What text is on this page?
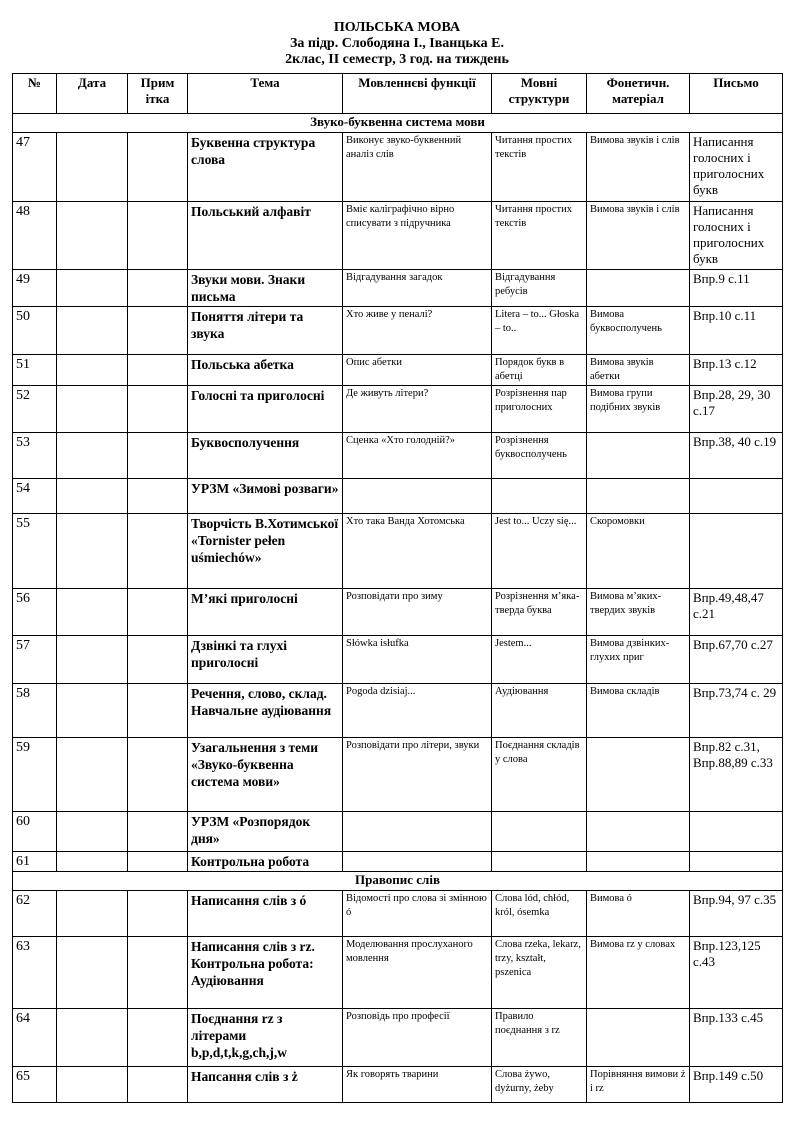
ПОЛЬСЬКА МОВА
За підр. Слободяна І., Іванцька Е.
2клас, ІІ семестр, 3 год. на тиждень
№	Дата	Прим ітка	Тема	Мовленнєві функції	Мовні структури	Фонетичн. матеріал	Письмо
Звуко-буквенна система мови							
47			Буквенна структура слова	Виконує звуко-буквенний аналіз слів	Читання простих текстів	Вимова звуків і слів	Написання голосних і приголосних букв
48			Польський алфавіт	Вміє каліграфічно вірно списувати з підручника	Читання простих текстів	Вимова звуків і слів	Написання голосних і приголосних букв
49			Звуки мови. Знаки письма	Відгадування загадок	Відгадування ребусів		Впр.9 с.11
50			Поняття літери та звука	Хто живе у пеналі?	Litera – to... Głoska – to..	Вимова буквосполучень	Впр.10 с.11
51			Польська абетка	Опис абетки	Порядок букв в абетці	Вимова звуків абетки	Впр.13 с.12
52			Голосні та приголосні	Де живуть літери?	Розрізнення пар приголосних	Вимова групи подібних звуків	Впр.28, 29, 30 с.17
53			Буквосполучення	Сценка «Хто голодній?»	Розрізнення буквосполучень		Впр.38, 40 с.19
54			УРЗМ «Зимові розваги»				
55			Творчість В.Хотимської «Tornister pełen uśmiechów»	Хто така Ванда Хотомська	Jest to... Uczy się...	Скоромовки	
56			М’які приголосні	Розповідати про зиму	Розрізнення м’яка-тверда буква	Вимова м’яких-твердих звуків	Впр.49,48,47 с.21
57			Дзвінкі та глухі приголосні	Słówka isłufka	Jestem...	Вимова дзвінких-глухих приг	Впр.67,70 с.27
58			Речення, слово, склад. Навчальне аудіювання	Pogoda dzisiaj...	Аудіювання	Вимова складів	Впр.73,74 с. 29
59			Узагальнення з теми «Звуко-буквенна система мови»	Розповідати про літери, звуки	Поєднання складів у слова		Впр.82 с.31, Впр.88,89 с.33
60			УРЗМ «Розпорядок дня»				
61			Контрольна робота				
Правопис слів							
62			Написання слів з ó	Відомості про слова зі змінною ó	Слова lód, chłód, król, ósemka	Вимова ó	Впр.94, 97 с.35
63			Написання слів з rz. Контрольна робота: Аудіювання	Моделювання прослуханого мовлення	Слова rzeka, lekarz, trzy, kształt, pszenica	Вимова rz у словах	Впр.123,125 с.43
64			Поєднання rz з літерами b,p,d,t,k,g,ch,j,w	Розповідь про професії	Правило поєднання з rz		Впр.133 с.45
65			Напсання слів з ż	Як говорять тварини	Слова żywo, dyżurny, żeby	Порівняння вимови ż і rz	Впр.149 с.50
